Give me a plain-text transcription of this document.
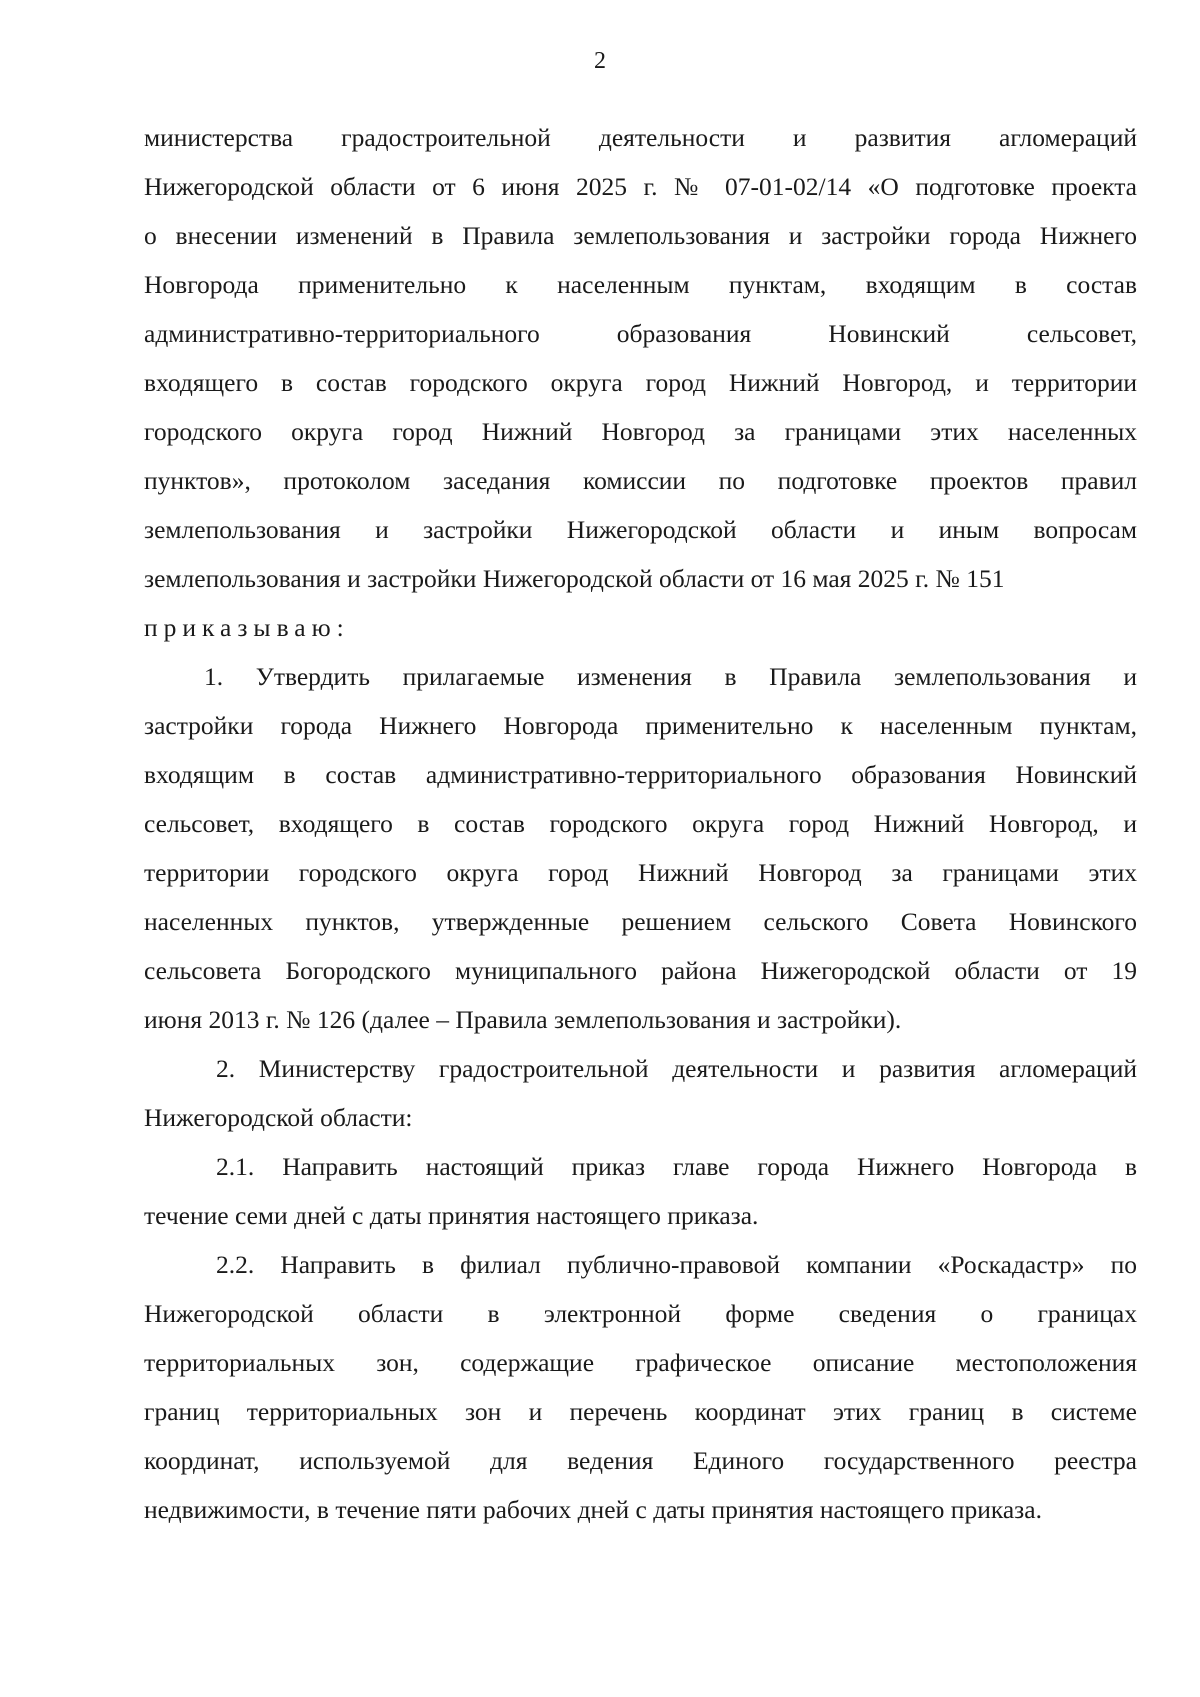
2
министерства градостроительной деятельности и развития агломераций
Нижегородской области от 6 июня 2025 г. № 07-01-02/14 «О подготовке проекта
о внесении изменений в Правила землепользования и застройки города Нижнего
Новгорода применительно к населенным пунктам, входящим в состав
административно-территориального образования Новинский сельсовет,
входящего в состав городского округа город Нижний Новгород, и территории
городского округа город Нижний Новгород за границами этих населенных
пунктов», протоколом заседания комиссии по подготовке проектов правил
землепользования и застройки Нижегородской области и иным вопросам
землепользования и застройки Нижегородской области от 16 мая 2025 г. № 151
приказываю:
1. Утвердить прилагаемые изменения в Правила землепользования и
застройки города Нижнего Новгорода применительно к населенным пунктам,
входящим в состав административно-территориального образования Новинский
сельсовет, входящего в состав городского округа город Нижний Новгород, и
территории городского округа город Нижний Новгород за границами этих
населенных пунктов, утвержденные решением сельского Совета Новинского
сельсовета Богородского муниципального района Нижегородской области от 19
июня 2013 г. № 126 (далее – Правила землепользования и застройки).
2. Министерству градостроительной деятельности и развития агломераций
Нижегородской области:
2.1. Направить настоящий приказ главе города Нижнего Новгорода в
течение семи дней с даты принятия настоящего приказа.
2.2. Направить в филиал публично-правовой компании «Роскадастр» по
Нижегородской области в электронной форме сведения о границах
территориальных зон, содержащие графическое описание местоположения
границ территориальных зон и перечень координат этих границ в системе
координат, используемой для ведения Единого государственного реестра
недвижимости, в течение пяти рабочих дней с даты принятия настоящего приказа.
